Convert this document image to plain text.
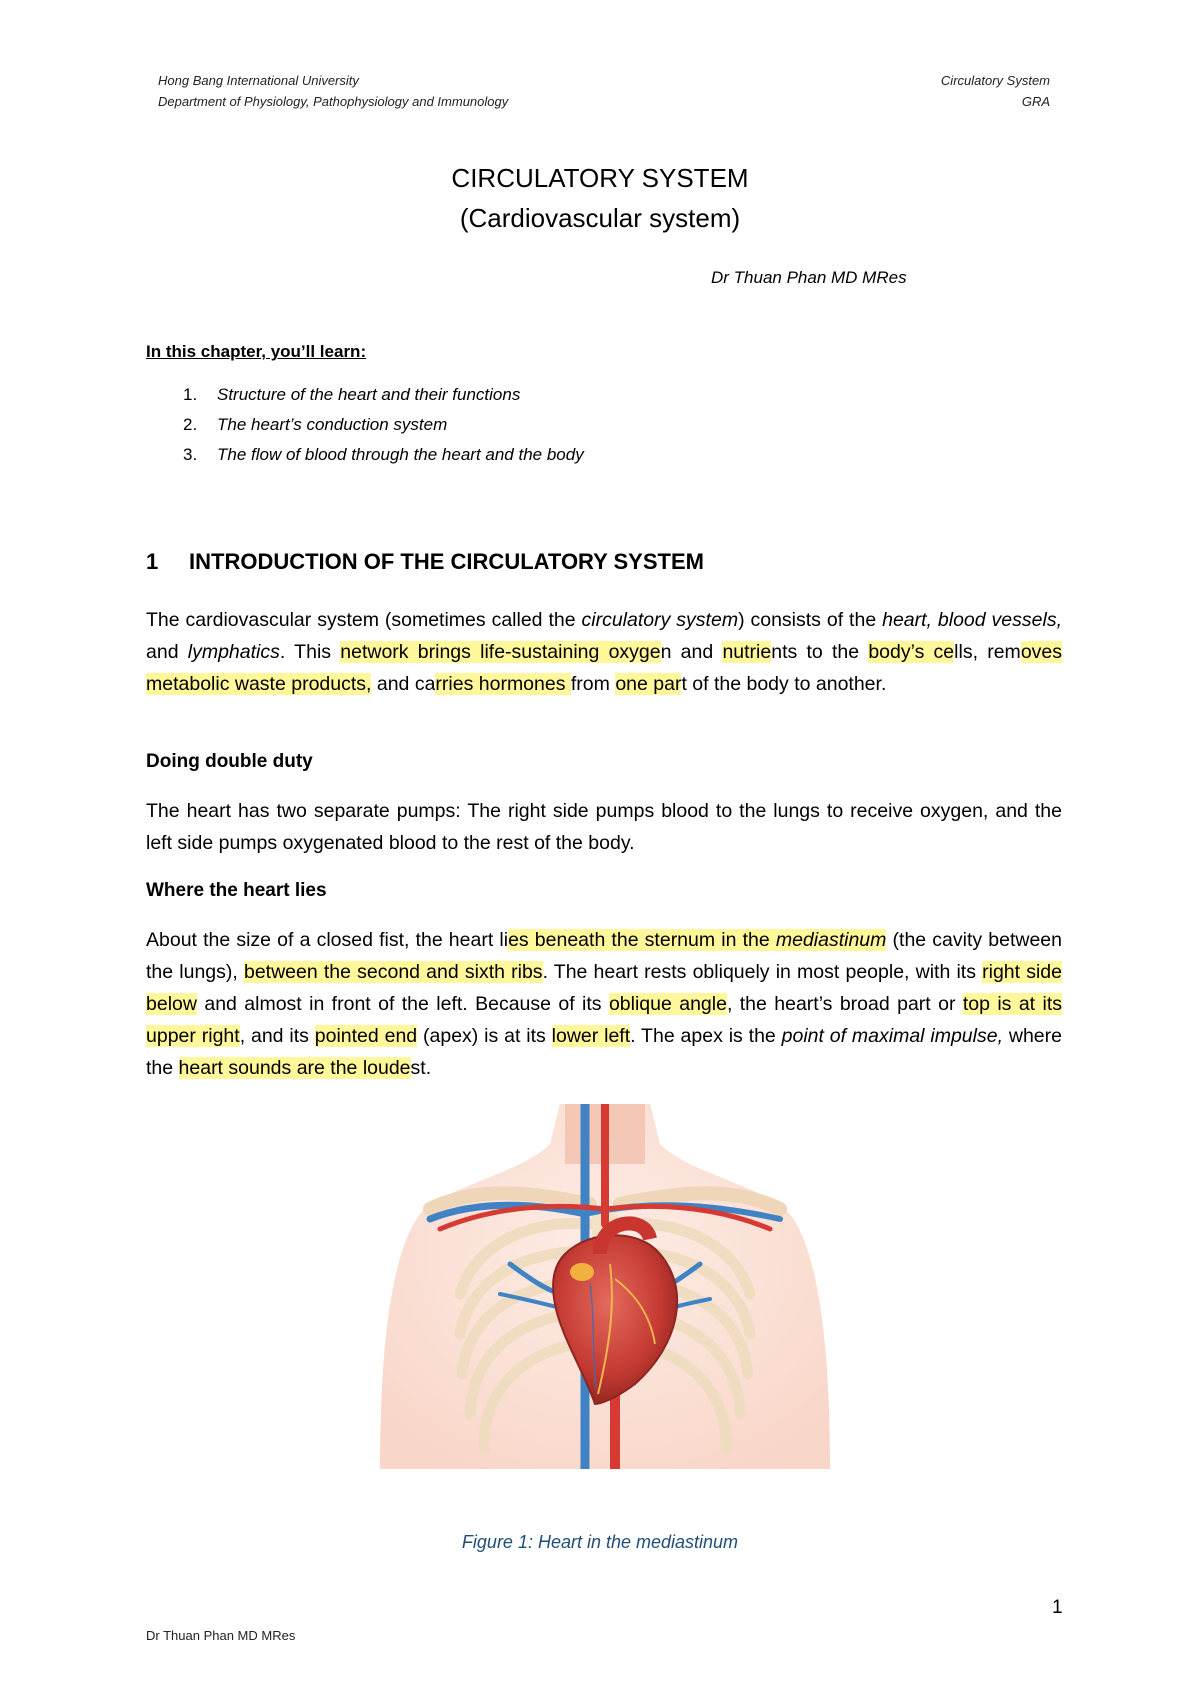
Hong Bang International University
Department of Physiology, Pathophysiology and Immunology
Circulatory System
GRA
CIRCULATORY SYSTEM
(Cardiovascular system)
Dr Thuan Phan MD MRes
In this chapter, you’ll learn:
1. Structure of the heart and their functions
2. The heart’s conduction system
3. The flow of blood through the heart and the body
1 INTRODUCTION OF THE CIRCULATORY SYSTEM
The cardiovascular system (sometimes called the circulatory system) consists of the heart, blood vessels, and lymphatics. This network brings life-sustaining oxygen and nutrients to the body’s cells, removes metabolic waste products, and carries hormones from one part of the body to another.
Doing double duty
The heart has two separate pumps: The right side pumps blood to the lungs to receive oxygen, and the left side pumps oxygenated blood to the rest of the body.
Where the heart lies
About the size of a closed fist, the heart lies beneath the sternum in the mediastinum (the cavity between the lungs), between the second and sixth ribs. The heart rests obliquely in most people, with its right side below and almost in front of the left. Because of its oblique angle, the heart’s broad part or top is at its upper right, and its pointed end (apex) is at its lower left. The apex is the point of maximal impulse, where the heart sounds are the loudest.
Figure 1: Heart in the mediastinum
1
Dr Thuan Phan MD MRes
